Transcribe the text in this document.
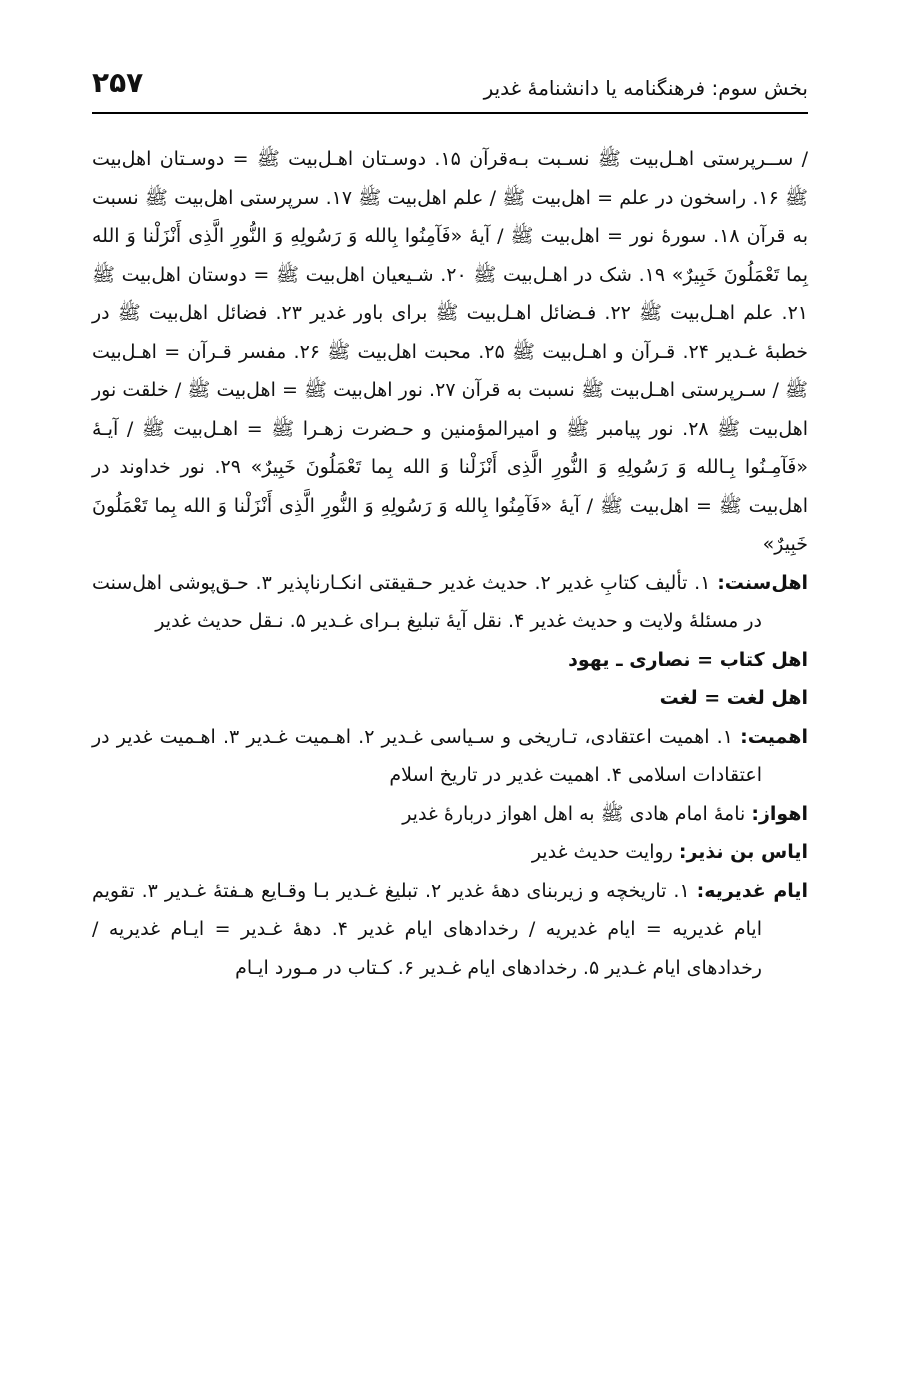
۲۵۷	بخش سوم: فرهنگنامه یا دانشنامهٔ غدیر

/ ســرپرستی اهـل‌بیت ﷺ نسـبت بـه‌قرآن ۱۵. دوسـتان اهـل‌بیت ﷺ = دوسـتان اهل‌بیت ﷺ ۱۶. راسخون در علم = اهل‌بیت ﷺ / علم اهل‌بیت ﷺ ۱۷. سرپرستی اهل‌بیت ﷺ نسبت به قرآن ۱۸. سورهٔ نور = اهل‌بیت ﷺ / آیهٔ «فَآمِنُوا بِالله وَ رَسُولِهِ وَ النُّورِ الَّذِی أَنْزَلْنا وَ الله بِما تَعْمَلُونَ خَبِیرٌ» ۱۹. شک در اهـل‌بیت ﷺ ۲۰. شـیعیان اهل‌بیت ﷺ = دوستان اهل‌بیت ﷺ ۲۱. علم اهـل‌بیت ﷺ ۲۲. فـضائل اهـل‌بیت ﷺ برای باور غدیر ۲۳. فضائل اهل‌بیت ﷺ در خطبهٔ غـدیر ۲۴. قـرآن و اهـل‌بیت ﷺ ۲۵. محبت اهل‌بیت ﷺ ۲۶. مفسر قـرآن = اهـل‌بیت ﷺ / سـرپرستی اهـل‌بیت ﷺ نسبت به قرآن ۲۷. نور اهل‌بیت ﷺ = اهل‌بیت ﷺ / خلقت نور اهل‌بیت ﷺ ۲۸. نور پیامبر ﷺ و امیرالمؤمنین و حـضرت زهـرا ﷺ = اهـل‌بیت ﷺ / آیـهٔ «فَآمِـنُوا بِـالله وَ رَسُولِهِ وَ النُّورِ الَّذِی أَنْزَلْنا وَ الله بِما تَعْمَلُونَ خَبِیرٌ» ۲۹. نور خداوند در اهل‌بیت ﷺ = اهل‌بیت ﷺ / آیهٔ «فَآمِنُوا بِالله وَ رَسُولِهِ وَ النُّورِ الَّذِی أَنْزَلْنا وَ الله بِما تَعْمَلُونَ خَبِیرٌ»

اهل‌سنت: ۱. تألیف کتابِ غدیر ۲. حدیث غدیر حـقیقتی انکـارناپذیر ۳. حـق‌پوشی اهل‌سنت در مسئلهٔ ولایت و حدیث غدیر ۴. نقل آیهٔ تبلیغ بـرای غـدیر ۵. نـقل حدیث غدیر

اهل کتاب = نصاری ـ یهود

اهل لغت = لغت

اهمیت: ۱. اهمیت اعتقادی، تـاریخی و سـیاسی غـدیر ۲. اهـمیت غـدیر ۳. اهـمیت غدیر در اعتقادات اسلامی ۴. اهمیت غدیر در تاریخ اسلام

اهواز: نامهٔ امام هادی ﷺ به اهل اهواز دربارهٔ غدیر

ایاس بن نذیر: روایت حدیث غدیر

ایام غدیریه: ۱. تاریخچه و زیربنای دههٔ غدیر ۲. تبلیغ غـدیر بـا وقـایع هـفتهٔ غـدیر ۳. تقویم ایام غدیریه = ایام غدیریه / رخدادهای ایام غدیر ۴. دههٔ غـدیر = ایـام غدیریه / رخدادهای ایام غـدیر ۵. رخدادهای ایام غـدیر ۶. کـتاب در مـورد ایـام
